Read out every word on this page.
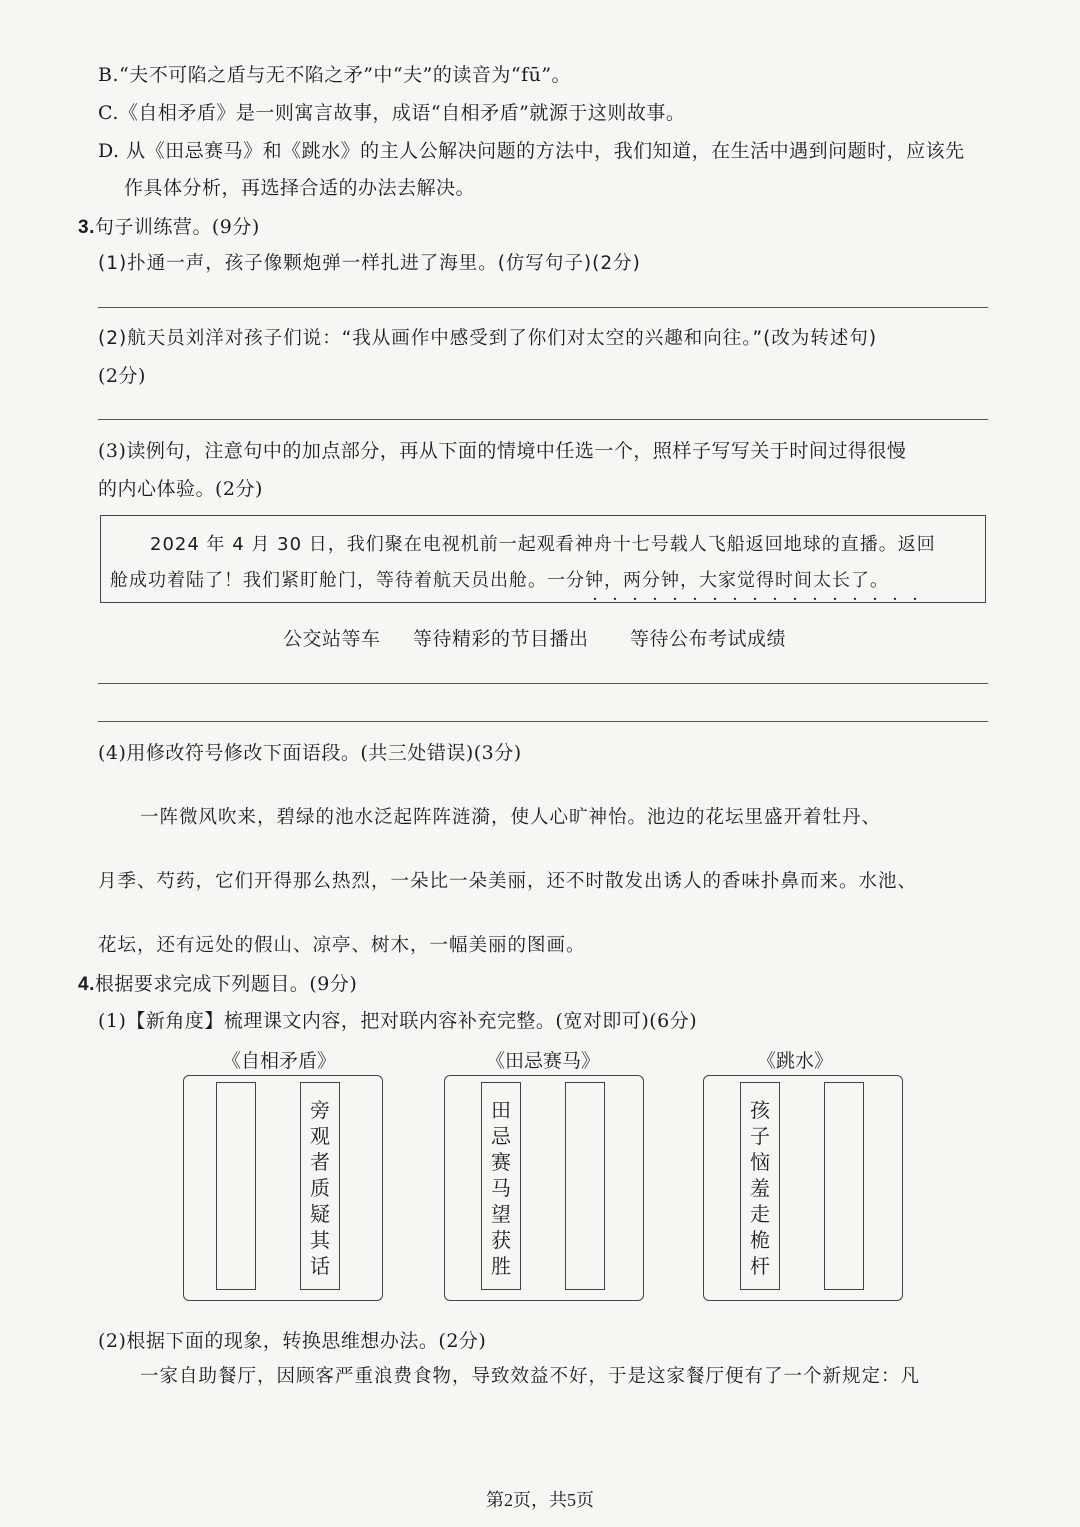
B.“夫不可陷之盾与无不陷之矛”中“夫”的读音为“fū”。
C.《自相矛盾》是一则寓言故事，成语“自相矛盾”就源于这则故事。
D. 从《田忌赛马》和《跳水》的主人公解决问题的方法中，我们知道，在生活中遇到问题时，应该先
作具体分析，再选择合适的办法去解决。
3.句子训练营。(9分)
(1)扑通一声，孩子像颗炮弹一样扎进了海里。(仿写句子)(2分)
(2)航天员刘洋对孩子们说：“我从画作中感受到了你们对太空的兴趣和向往。”(改为转述句)
(2分)
(3)读例句，注意句中的加点部分，再从下面的情境中任选一个，照样子写写关于时间过得很慢
的内心体验。(2分)
2024 年 4 月 30 日，我们聚在电视机前一起观看神舟十七号载人飞船返回地球的直播。返回
舱成功着陆了！我们紧盯舱门，等待着航天员出舱。一分钟，两分钟，大家觉得时间太长了。
· · · · · · · · · · · · · · · · ·
公交站等车 等待精彩的节目播出 等待公布考试成绩
(4)用修改符号修改下面语段。(共三处错误)(3分)
一阵微风吹来，碧绿的池水泛起阵阵涟漪，使人心旷神怡。池边的花坛里盛开着牡丹、
月季、芍药，它们开得那么热烈，一朵比一朵美丽，还不时散发出诱人的香味扑鼻而来。水池、
花坛，还有远处的假山、凉亭、树木，一幅美丽的图画。
4.根据要求完成下列题目。(9分)
(1)【新角度】梳理课文内容，把对联内容补充完整。(宽对即可)(6分)
《自相矛盾》
旁
观
者
质
疑
其
话
《田忌赛马》
田
忌
赛
马
望
获
胜
《跳水》
孩
子
恼
羞
走
桅
杆
(2)根据下面的现象，转换思维想办法。(2分)
一家自助餐厅，因顾客严重浪费食物，导致效益不好，于是这家餐厅便有了一个新规定：凡
第2页，共5页
